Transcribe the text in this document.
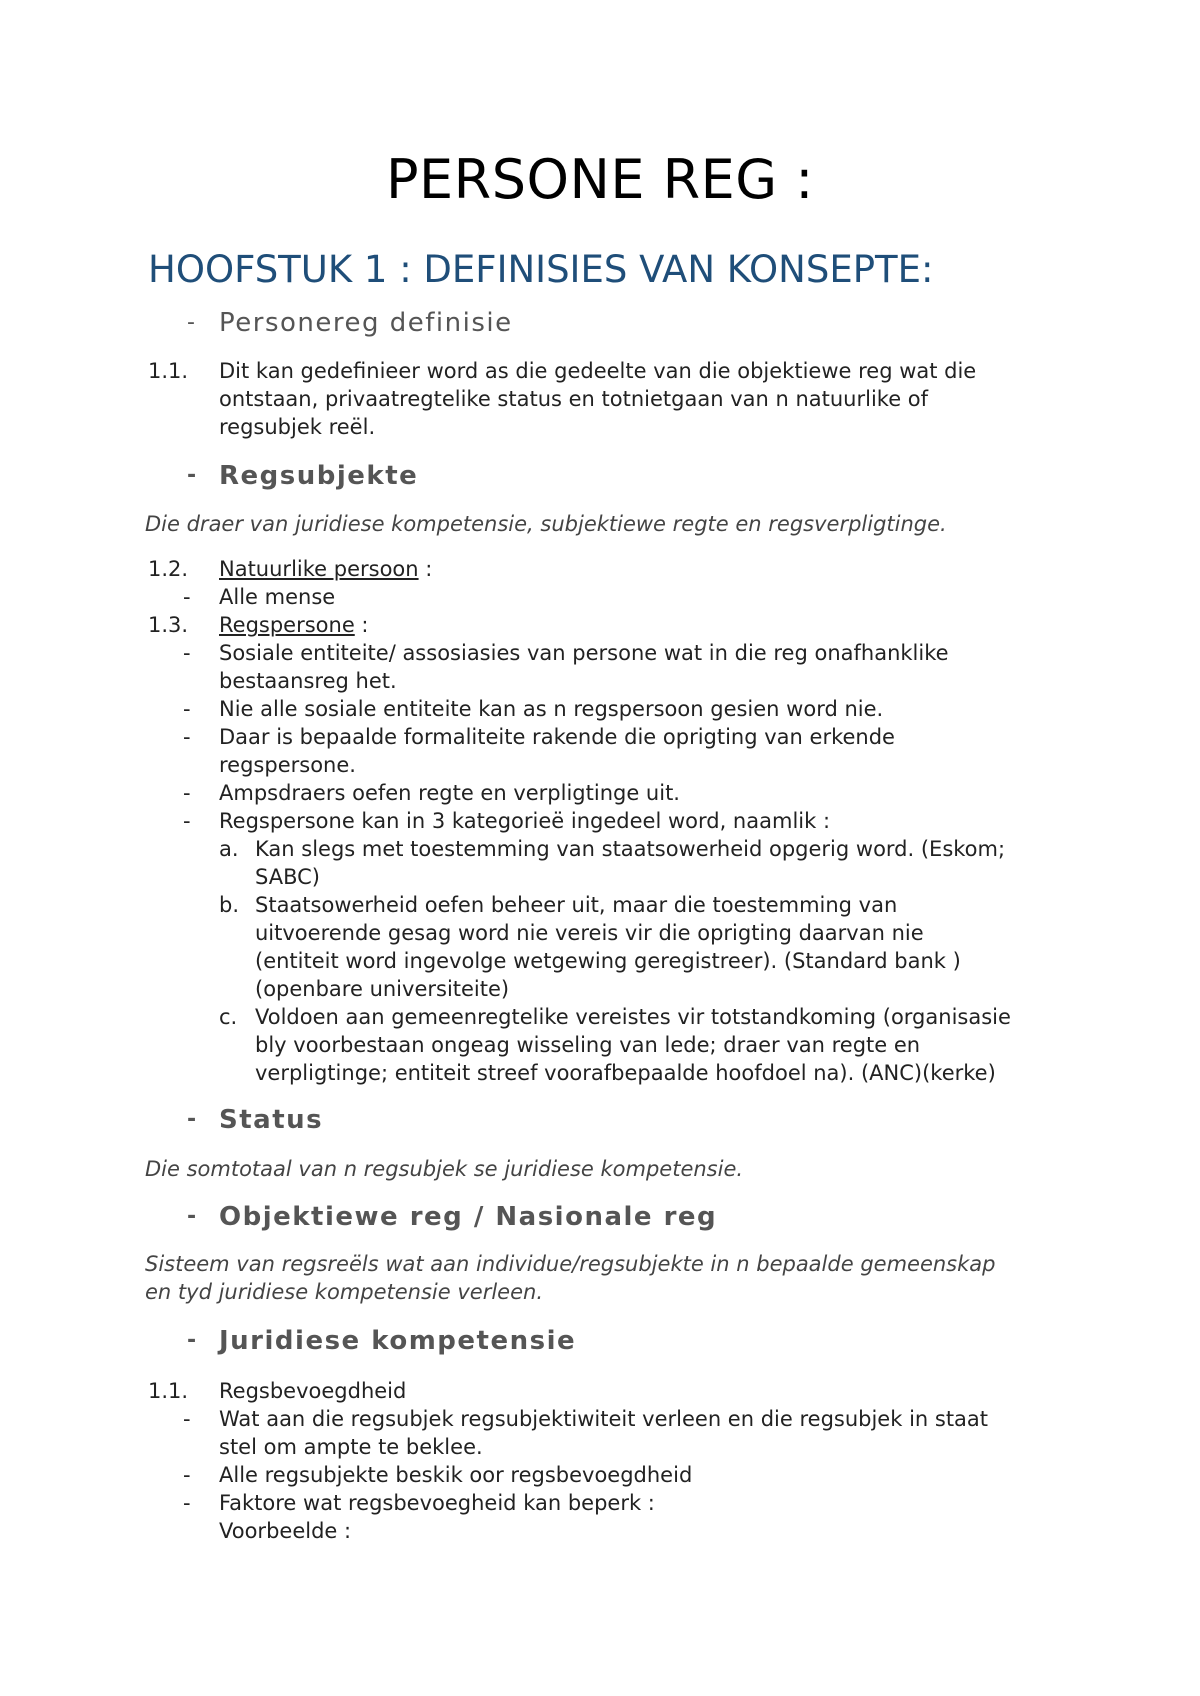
PERSONE REG :
HOOFSTUK 1 : DEFINISIES VAN KONSEPTE:
- Personereg definisie
1.1. Dit kan gedefinieer word as die gedeelte van die objektiewe reg wat die
ontstaan, privaatregtelike status en totnietgaan van n natuurlike of
regsubjek reël.
- Regsubjekte
Die draer van juridiese kompetensie, subjektiewe regte en regsverpligtinge.
1.2. Natuurlike persoon :
- Alle mense
1.3. Regspersone :
- Sosiale entiteite/ assosiasies van persone wat in die reg onafhanklike
bestaansreg het.
- Nie alle sosiale entiteite kan as n regspersoon gesien word nie.
- Daar is bepaalde formaliteite rakende die oprigting van erkende
regspersone.
- Ampsdraers oefen regte en verpligtinge uit.
- Regspersone kan in 3 kategorieë ingedeel word, naamlik :
a. Kan slegs met toestemming van staatsowerheid opgerig word. (Eskom;
SABC)
b. Staatsowerheid oefen beheer uit, maar die toestemming van
uitvoerende gesag word nie vereis vir die oprigting daarvan nie
(entiteit word ingevolge wetgewing geregistreer). (Standard bank )
(openbare universiteite)
c. Voldoen aan gemeenregtelike vereistes vir totstandkoming (organisasie
bly voorbestaan ongeag wisseling van lede; draer van regte en
verpligtinge; entiteit streef voorafbepaalde hoofdoel na). (ANC)(kerke)
- Status
Die somtotaal van n regsubjek se juridiese kompetensie.
- Objektiewe reg / Nasionale reg
Sisteem van regsreëls wat aan individue/regsubjekte in n bepaalde gemeenskap
en tyd juridiese kompetensie verleen.
- Juridiese kompetensie
1.1. Regsbevoegdheid
- Wat aan die regsubjek regsubjektiwiteit verleen en die regsubjek in staat
stel om ampte te beklee.
- Alle regsubjekte beskik oor regsbevoegdheid
- Faktore wat regsbevoegheid kan beperk :
Voorbeelde :
